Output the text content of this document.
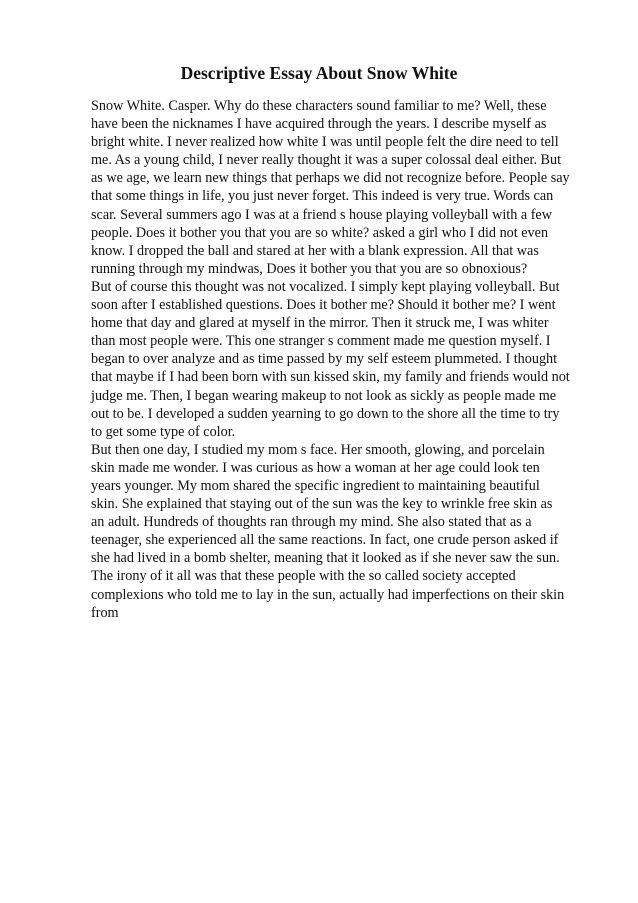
Descriptive Essay About Snow White
Snow White. Casper. Why do these characters sound familiar to me? Well, these
have been the nicknames I have acquired through the years. I describe myself as
bright white. I never realized how white I was until people felt the dire need to tell
me. As a young child, I never really thought it was a super colossal deal either. But
as we age, we learn new things that perhaps we did not recognize before. People say
that some things in life, you just never forget. This indeed is very true. Words can
scar. Several summers ago I was at a friend s house playing volleyball with a few
people. Does it bother you that you are so white? asked a girl who I did not even
know. I dropped the ball and stared at her with a blank expression. All that was
running through my mindwas, Does it bother you that you are so obnoxious?
But of course this thought was not vocalized. I simply kept playing volleyball. But
soon after I established questions. Does it bother me? Should it bother me? I went
home that day and glared at myself in the mirror. Then it struck me, I was whiter
than most people were. This one stranger s comment made me question myself. I
began to over analyze and as time passed by my self esteem plummeted. I thought
that maybe if I had been born with sun kissed skin, my family and friends would not
judge me. Then, I began wearing makeup to not look as sickly as people made me
out to be. I developed a sudden yearning to go down to the shore all the time to try
to get some type of color.
But then one day, I studied my mom s face. Her smooth, glowing, and porcelain
skin made me wonder. I was curious as how a woman at her age could look ten
years younger. My mom shared the specific ingredient to maintaining beautiful
skin. She explained that staying out of the sun was the key to wrinkle free skin as
an adult. Hundreds of thoughts ran through my mind. She also stated that as a
teenager, she experienced all the same reactions. In fact, one crude person asked if
she had lived in a bomb shelter, meaning that it looked as if she never saw the sun.
The irony of it all was that these people with the so called society accepted
complexions who told me to lay in the sun, actually had imperfections on their skin
from
